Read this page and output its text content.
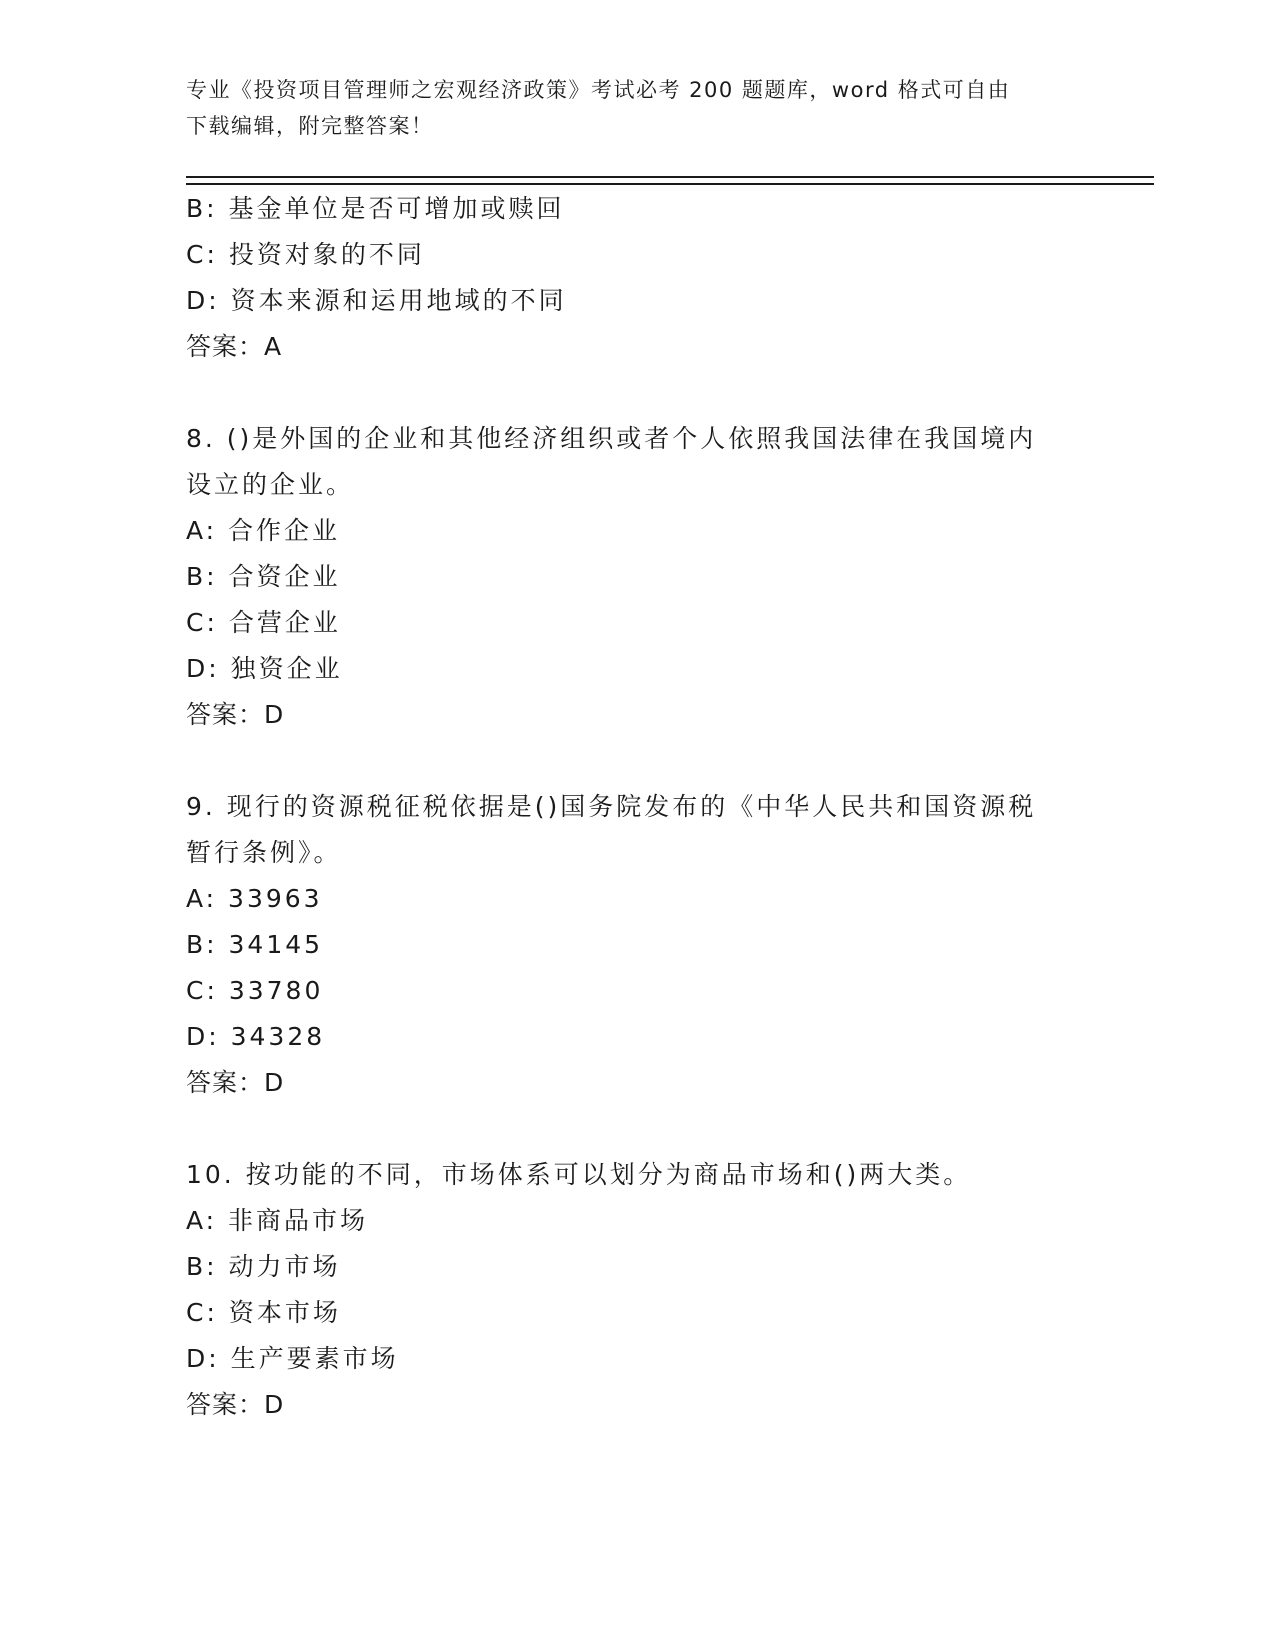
专业《投资项目管理师之宏观经济政策》考试必考 200 题题库，word 格式可自由
下载编辑，附完整答案！
B: 基金单位是否可增加或赎回
C: 投资对象的不同
D: 资本来源和运用地域的不同
答案：A
8. ()是外国的企业和其他经济组织或者个人依照我国法律在我国境内
设立的企业。
A: 合作企业
B: 合资企业
C: 合营企业
D: 独资企业
答案：D
9. 现行的资源税征税依据是()国务院发布的《中华人民共和国资源税
暂行条例》。
A: 33963
B: 34145
C: 33780
D: 34328
答案：D
10. 按功能的不同，市场体系可以划分为商品市场和()两大类。
A: 非商品市场
B: 动力市场
C: 资本市场
D: 生产要素市场
答案：D
